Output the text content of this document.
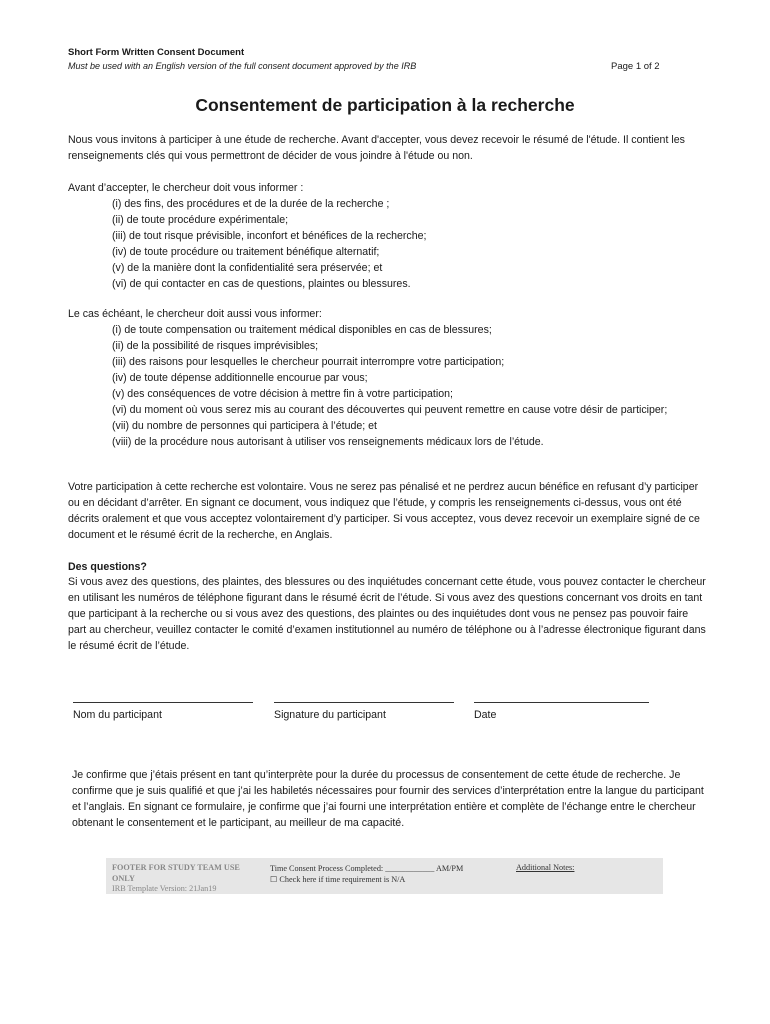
Short Form Written Consent Document
Must be used with an English version of the full consent document approved by the IRB	Page 1 of 2
Consentement de participation à la recherche
Nous vous invitons à participer à une étude de recherche. Avant d'accepter, vous devez recevoir le résumé de l'étude. Il contient les renseignements clés qui vous permettront de décider de vous joindre à l'étude ou non.
Avant d’accepter, le chercheur doit vous informer :
(i) des fins, des procédures et de la durée de la recherche ;
(ii) de toute procédure expérimentale;
(iii) de tout risque prévisible, inconfort et bénéfices de la recherche;
(iv) de toute procédure ou traitement bénéfique alternatif;
(v) de la manière dont la confidentialité sera préservée; et
(vi) de qui contacter en cas de questions, plaintes ou blessures.
Le cas échéant, le chercheur doit aussi vous informer:
(i) de toute compensation ou traitement médical disponibles en cas de blessures;
(ii) de la possibilité de risques imprévisibles;
(iii) des raisons pour lesquelles le chercheur pourrait interrompre votre participation;
(iv) de toute dépense additionnelle encourue par vous;
(v) des conséquences de votre décision à mettre fin à votre participation;
(vi) du moment où vous serez mis au courant des découvertes qui peuvent remettre en cause votre désir de participer;
(vii) du nombre de personnes qui participera à l’étude; et
(viii) de la procédure nous autorisant à utiliser vos renseignements médicaux lors de l’étude.
Votre participation à cette recherche est volontaire. Vous ne serez pas pénalisé et ne perdrez aucun bénéfice en refusant d’y participer ou en décidant d’arrêter. En signant ce document, vous indiquez que l’étude, y compris les renseignements ci-dessus, vous ont été décrits oralement et que vous acceptez volontairement d’y participer. Si vous acceptez, vous devez recevoir un exemplaire signé de ce document et le résumé écrit de la recherche, en Anglais.
Des questions?
Si vous avez des questions, des plaintes, des blessures ou des inquiétudes concernant cette étude, vous pouvez contacter le chercheur en utilisant les numéros de téléphone figurant dans le résumé écrit de l’étude. Si vous avez des questions concernant vos droits en tant que participant à la recherche ou si vous avez des questions, des plaintes ou des inquiétudes dont vous ne pensez pas pouvoir faire part au chercheur, veuillez contacter le comité d’examen institutionnel au numéro de téléphone ou à l’adresse électronique figurant dans le résumé écrit de l’étude.
Nom du participant	Signature du participant	Date
Je confirme que j’étais présent en tant qu’interprète pour la durée du processus de consentement de cette étude de recherche. Je confirme que je suis qualifié et que j’ai les habiletés nécessaires pour fournir des services d’interprétation entre la langue du participant et l’anglais. En signant ce formulaire, je confirme que j’ai fourni une interprétation entière et complète de l’échange entre le chercheur obtenant le consentement et le participant, au meilleur de ma capacité.
FOOTER FOR STUDY TEAM USE ONLY
IRB Template Version: 21Jan19
Time Consent Process Completed: ____________ AM/PM
☐ Check here if time requirement is N/A
Additional Notes:
